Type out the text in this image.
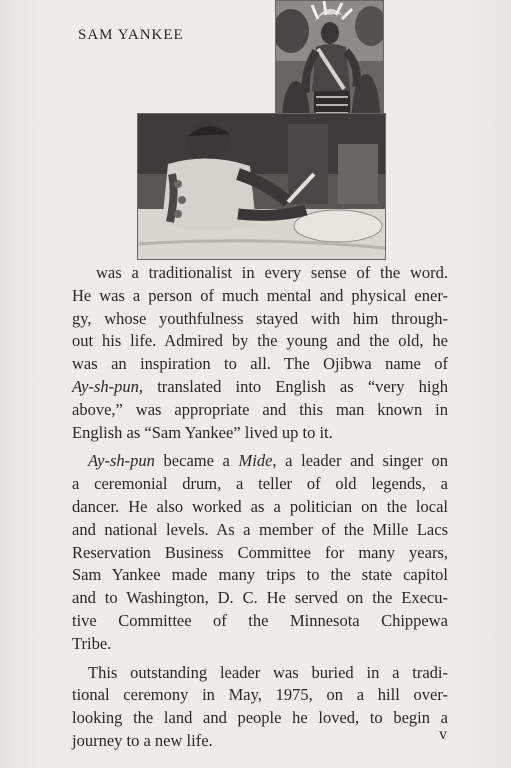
SAM YANKEE

was a traditionalist in every sense of the word.

He was a person of much mental and physical ener-

gy, whose youthfulness stayed with him through-

out his life. Admired by the young and the old, he

was an inspiration to all. The Ojibwa name of

Ay-sh-pun, translated into English as “very high

above,” was appropriate and this man known in

English as “Sam Yankee” lived up to it.

Ay-sh-pun became a Mide, a leader and singer on

a ceremonial drum, a teller of old legends, a

dancer. He also worked as a politician on the local

and national levels. As a member of the Mille Lacs

Reservation Business Committee for many years,

Sam Yankee made many trips to the state capitol

and to Washington, D. C. He served on the Execu-

tive Committee of the Minnesota Chippewa

Tribe.

This outstanding leader was buried in a tradi-

tional ceremony in May, 1975, on a hill over-

looking the land and people he loved, to begin a

journey to a new life.	v
